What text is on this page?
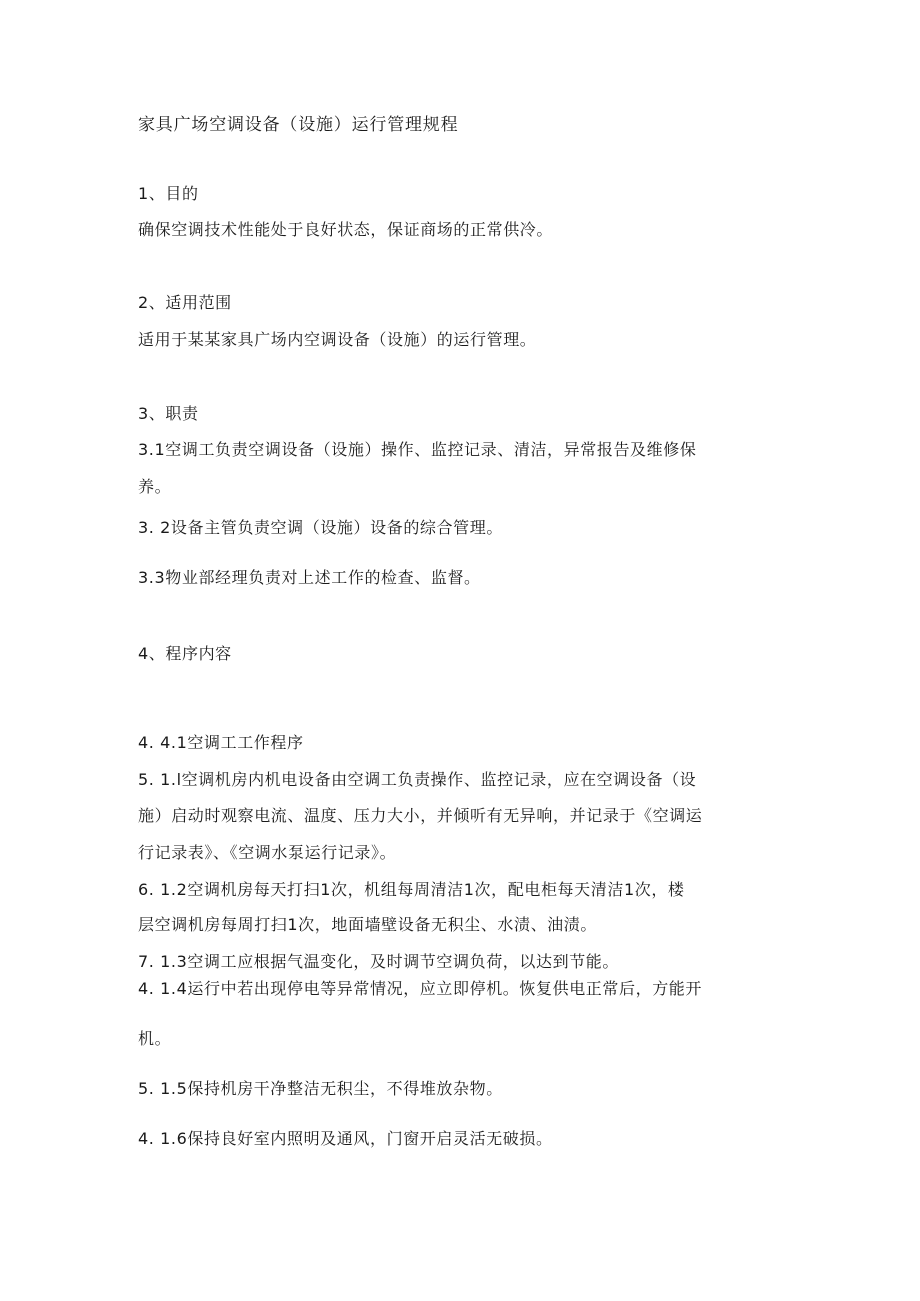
家具广场空调设备（设施）运行管理规程
1、目的
确保空调技术性能处于良好状态，保证商场的正常供冷。
2、适用范围
适用于某某家具广场内空调设备（设施）的运行管理。
3、职责
3.1空调工负责空调设备（设施）操作、监控记录、清洁，异常报告及维修保
养。
3. 2设备主管负责空调（设施）设备的综合管理。
3.3物业部经理负责对上述工作的检查、监督。
4、程序内容
4. 4.1空调工工作程序
5. 1.l空调机房内机电设备由空调工负责操作、监控记录，应在空调设备（设
施）启动时观察电流、温度、压力大小，并倾听有无异响，并记录于《空调运
行记录表》、《空调水泵运行记录》。
6. 1.2空调机房每天打扫1次，机组每周清洁1次，配电柜每天清洁1次，楼
层空调机房每周打扫1次，地面墙壁设备无积尘、水渍、油渍。
7. 1.3空调工应根据气温变化，及时调节空调负荷，以达到节能。
4. 1.4运行中若出现停电等异常情况，应立即停机。恢复供电正常后，方能开
机。
5. 1.5保持机房干净整洁无积尘，不得堆放杂物。
4. 1.6保持良好室内照明及通风，门窗开启灵活无破损。
